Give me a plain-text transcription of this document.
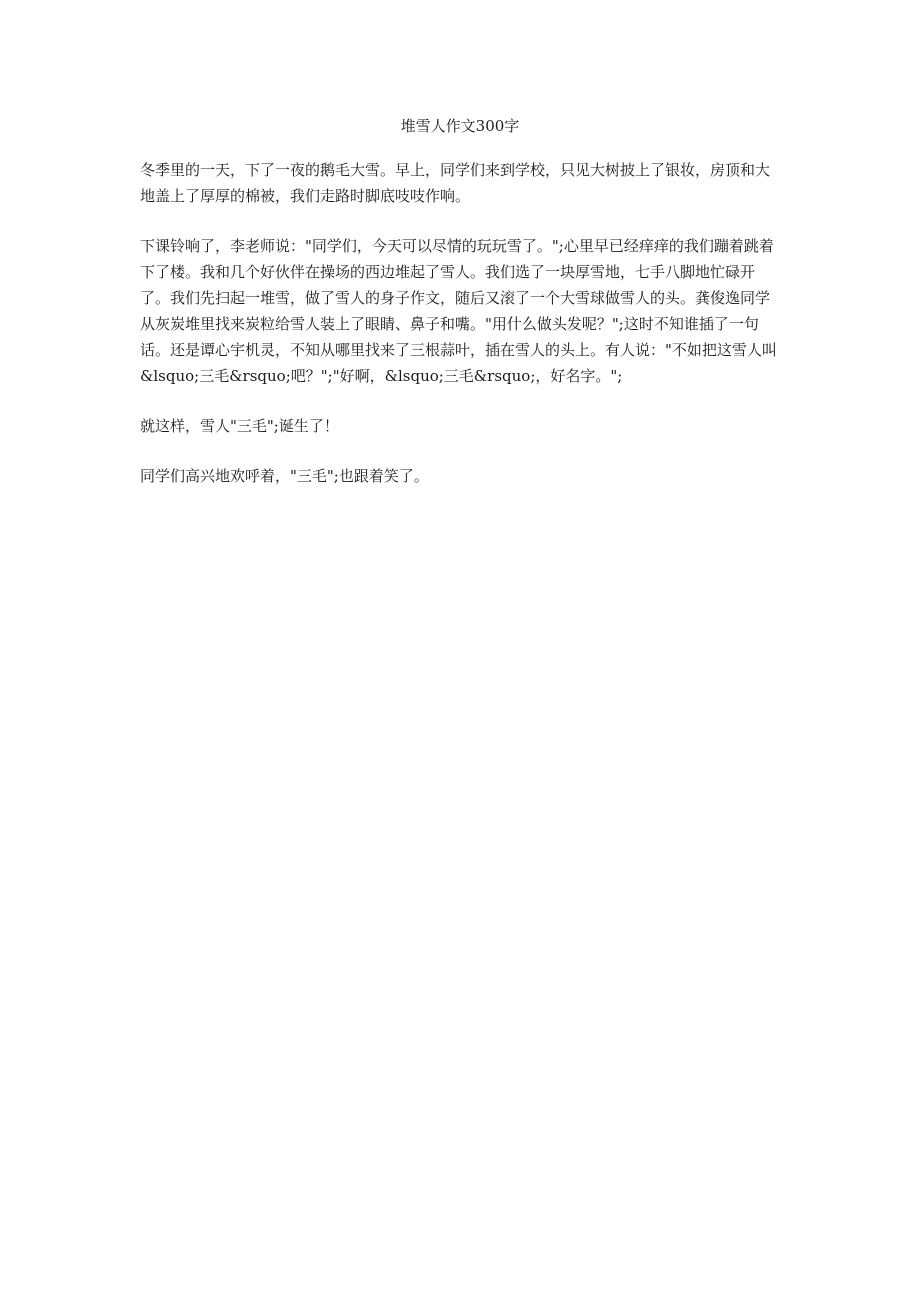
堆雪人作文300字

冬季里的一天，下了一夜的鹅毛大雪。早上，同学们来到学校，只见大树披上了银妆，房顶和大地盖上了厚厚的棉被，我们走路时脚底吱吱作响。

下课铃响了，李老师说："同学们，今天可以尽情的玩玩雪了。";心里早已经痒痒的我们蹦着跳着下了楼。我和几个好伙伴在操场的西边堆起了雪人。我们选了一块厚雪地，七手八脚地忙碌开了。我们先扫起一堆雪，做了雪人的身子作文，随后又滚了一个大雪球做雪人的头。龚俊逸同学从灰炭堆里找来炭粒给雪人装上了眼睛、鼻子和嘴。"用什么做头发呢？";这时不知谁插了一句话。还是谭心宇机灵，不知从哪里找来了三根蒜叶，插在雪人的头上。有人说："不如把这雪人叫&lsquo;三毛&rsquo;吧？";"好啊，&lsquo;三毛&rsquo;，好名字。";

就这样，雪人"三毛";诞生了！

同学们高兴地欢呼着，"三毛";也跟着笑了。
